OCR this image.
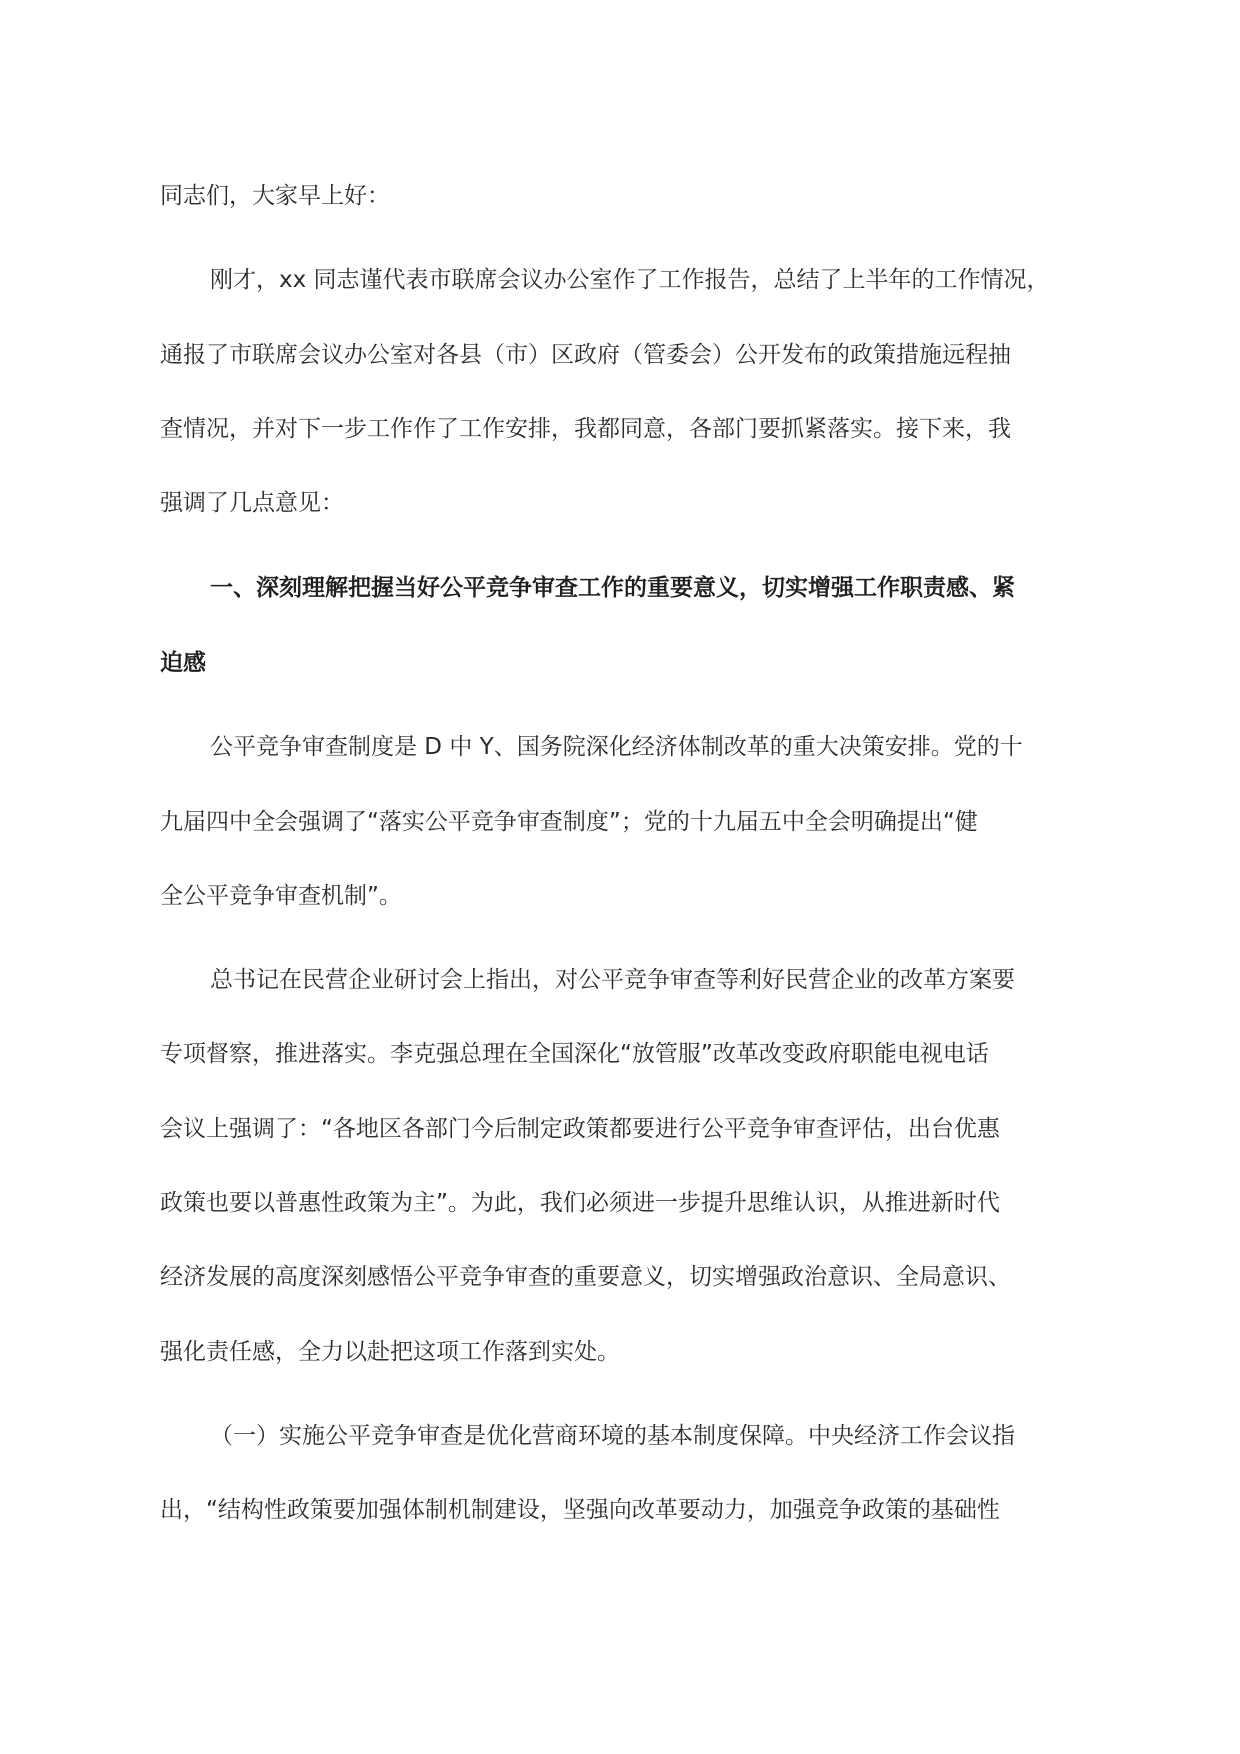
同志们，大家早上好：

刚才，xx 同志谨代表市联席会议办公室作了工作报告，总结了上半年的工作情况，

通报了市联席会议办公室对各县（市）区政府（管委会）公开发布的政策措施远程抽

查情况，并对下一步工作作了工作安排，我都同意，各部门要抓紧落实。接下来，我

强调了几点意见：

一、深刻理解把握当好公平竞争审查工作的重要意义，切实增强工作职责感、紧

迫感

公平竞争审查制度是 D 中 Y、国务院深化经济体制改革的重大决策安排。党的十

九届四中全会强调了“落实公平竞争审查制度”；党的十九届五中全会明确提出“健

全公平竞争审查机制”。

总书记在民营企业研讨会上指出，对公平竞争审查等利好民营企业的改革方案要

专项督察，推进落实。李克强总理在全国深化“放管服”改革改变政府职能电视电话

会议上强调了：“各地区各部门今后制定政策都要进行公平竞争审查评估，出台优惠

政策也要以普惠性政策为主”。为此，我们必须进一步提升思维认识，从推进新时代

经济发展的高度深刻感悟公平竞争审查的重要意义，切实增强政治意识、全局意识、

强化责任感，全力以赴把这项工作落到实处。

（一）实施公平竞争审查是优化营商环境的基本制度保障。中央经济工作会议指

出，“结构性政策要加强体制机制建设，坚强向改革要动力，加强竞争政策的基础性
